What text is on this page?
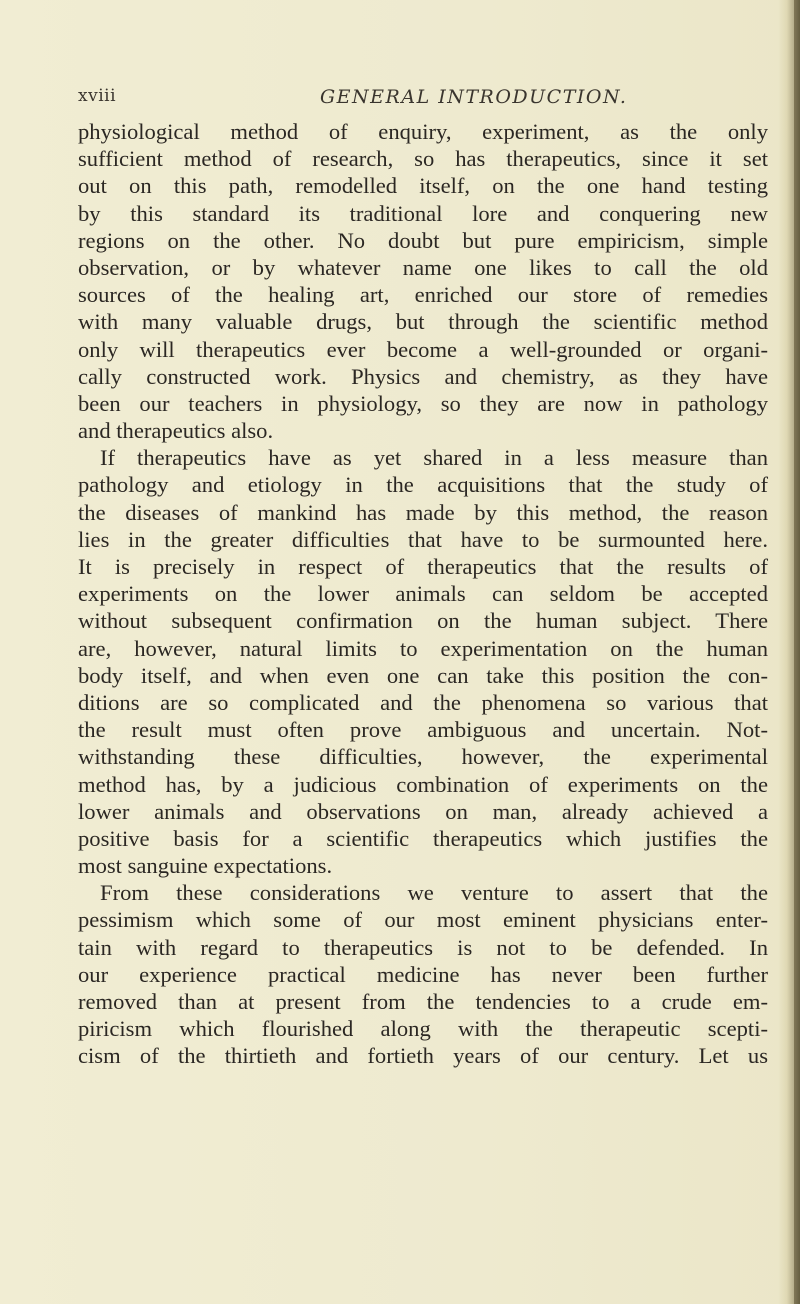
xviii	GENERAL INTRODUCTION.
physiological method of enquiry, experiment, as the only
sufficient method of research, so has therapeutics, since it set
out on this path, remodelled itself, on the one hand testing
by this standard its traditional lore and conquering new
regions on the other. No doubt but pure empiricism, simple
observation, or by whatever name one likes to call the old
sources of the healing art, enriched our store of remedies
with many valuable drugs, but through the scientific method
only will therapeutics ever become a well-grounded or organi-
cally constructed work. Physics and chemistry, as they have
been our teachers in physiology, so they are now in pathology
and therapeutics also.
If therapeutics have as yet shared in a less measure than
pathology and etiology in the acquisitions that the study of
the diseases of mankind has made by this method, the reason
lies in the greater difficulties that have to be surmounted here.
It is precisely in respect of therapeutics that the results of
experiments on the lower animals can seldom be accepted
without subsequent confirmation on the human subject. There
are, however, natural limits to experimentation on the human
body itself, and when even one can take this position the con-
ditions are so complicated and the phenomena so various that
the result must often prove ambiguous and uncertain. Not-
withstanding these difficulties, however, the experimental
method has, by a judicious combination of experiments on the
lower animals and observations on man, already achieved a
positive basis for a scientific therapeutics which justifies the
most sanguine expectations.
From these considerations we venture to assert that the
pessimism which some of our most eminent physicians enter-
tain with regard to therapeutics is not to be defended. In
our experience practical medicine has never been further
removed than at present from the tendencies to a crude em-
piricism which flourished along with the therapeutic scepti-
cism of the thirtieth and fortieth years of our century. Let us
